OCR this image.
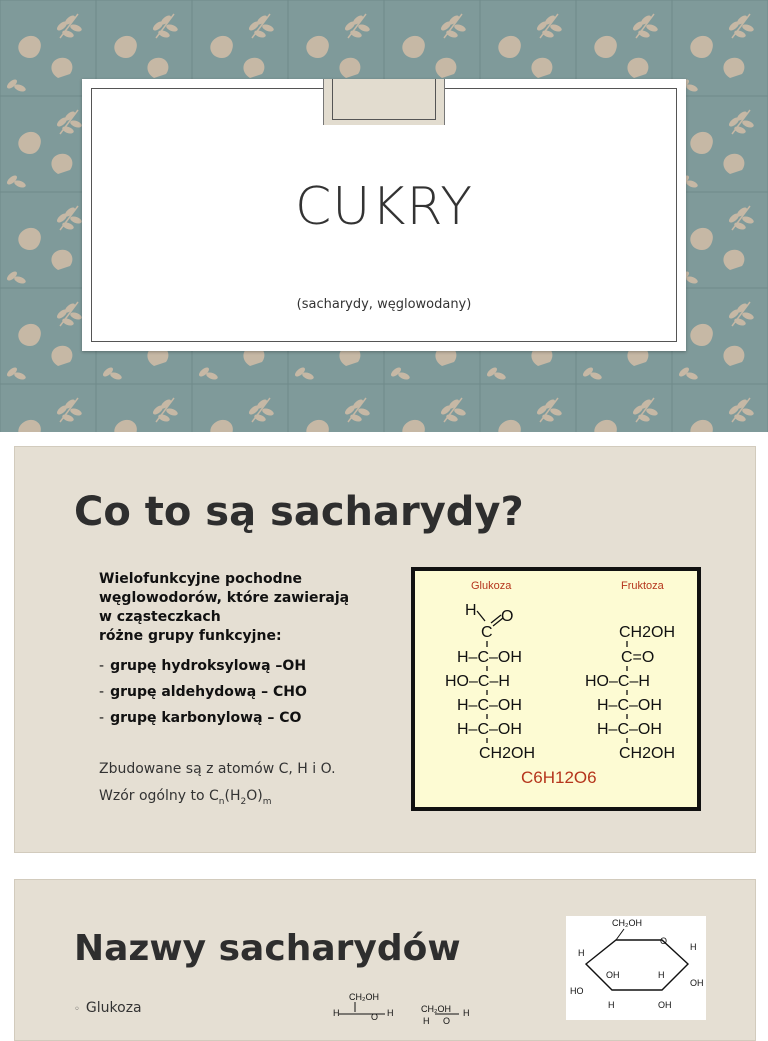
CUKRY
(sacharydy, węglowodany)
Co to są sacharydy?
Wielofunkcyjne pochodne
węglowodorów, które zawierają
w cząsteczkach
różne grupy funkcyjne:
- grupę hydroksylową –OH
- grupę aldehydową – CHO
- grupę karbonylową – CO
Zbudowane są z atomów C, H i O.
Wzór ogólny to $C_n(H_2O)_m$
Glukoza	Fruktoza
H O
C
H–C–OH
HO–C–H
H–C–OH
H–C–OH
CH2OH
CH2OH
C=O
HO–C–H
H–C–OH
H–C–OH
CH2OH
C6H12O6
Nazwy sacharydów
◦ Glukoza
CH₂OH
O
H
OH
H
HO
OH	H
H	OH
CH₂OH
H	O H	CH₂OH
H O
H
